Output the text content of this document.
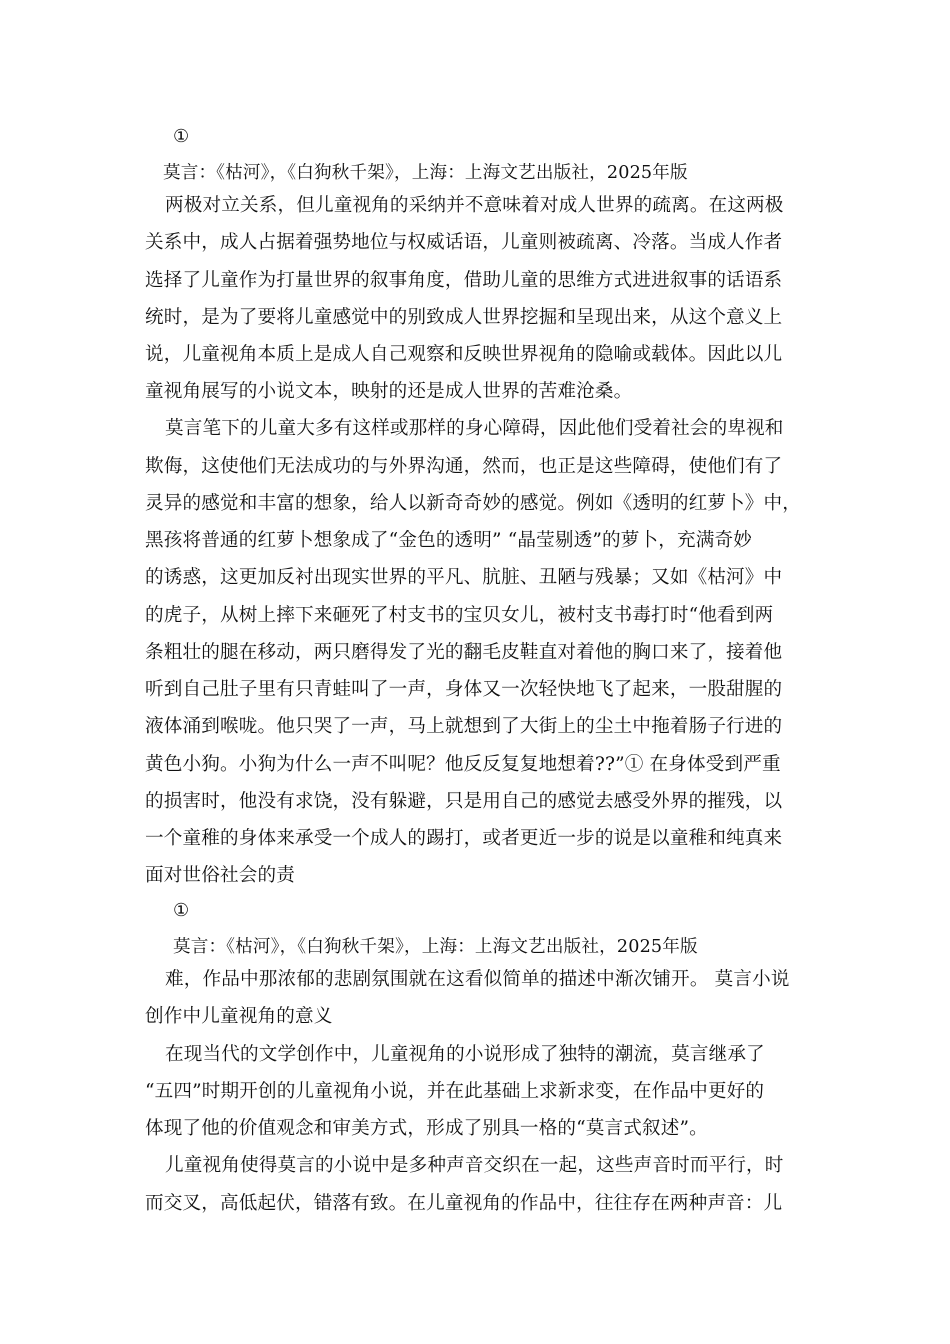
①
莫言：《枯河》，《白狗秋千架》，上海：上海文艺出版社，2025年版
两极对立关系，但儿童视角的采纳并不意味着对成人世界的疏离。在这两极
关系中，成人占据着强势地位与权威话语，儿童则被疏离、冷落。当成人作者
选择了儿童作为打量世界的叙事角度，借助儿童的思维方式进进叙事的话语系
统时，是为了要将儿童感觉中的别致成人世界挖掘和呈现出来，从这个意义上
说，儿童视角本质上是成人自己观察和反映世界视角的隐喻或载体。因此以儿
童视角展写的小说文本，映射的还是成人世界的苦难沧桑。
莫言笔下的儿童大多有这样或那样的身心障碍，因此他们受着社会的卑视和
欺侮，这使他们无法成功的与外界沟通，然而，也正是这些障碍，使他们有了
灵异的感觉和丰富的想象，给人以新奇奇妙的感觉。例如《透明的红萝卜》中，
黑孩将普通的红萝卜想象成了“金色的透明” “晶莹剔透”的萝卜，充满奇妙
的诱惑，这更加反衬出现实世界的平凡、肮脏、丑陋与残暴；又如《枯河》中
的虎子，从树上摔下来砸死了村支书的宝贝女儿，被村支书毒打时“他看到两
条粗壮的腿在移动，两只磨得发了光的翻毛皮鞋直对着他的胸口来了，接着他
听到自己肚子里有只青蛙叫了一声，身体又一次轻快地飞了起来，一股甜腥的
液体涌到喉咙。他只哭了一声，马上就想到了大街上的尘土中拖着肠子行进的
黄色小狗。小狗为什么一声不叫呢？他反反复复地想着??”① 在身体受到严重
的损害时，他没有求饶，没有躲避，只是用自己的感觉去感受外界的摧残，以
一个童稚的身体来承受一个成人的踢打，或者更近一步的说是以童稚和纯真来
面对世俗社会的责
①
莫言：《枯河》，《白狗秋千架》，上海：上海文艺出版社，2025年版
难，作品中那浓郁的悲剧氛围就在这看似简单的描述中渐次铺开。 莫言小说
创作中儿童视角的意义
在现当代的文学创作中，儿童视角的小说形成了独特的潮流，莫言继承了
“五四”时期开创的儿童视角小说，并在此基础上求新求变，在作品中更好的
体现了他的价值观念和审美方式，形成了别具一格的“莫言式叙述”。
儿童视角使得莫言的小说中是多种声音交织在一起，这些声音时而平行，时
而交叉，高低起伏，错落有致。在儿童视角的作品中，往往存在两种声音：儿
